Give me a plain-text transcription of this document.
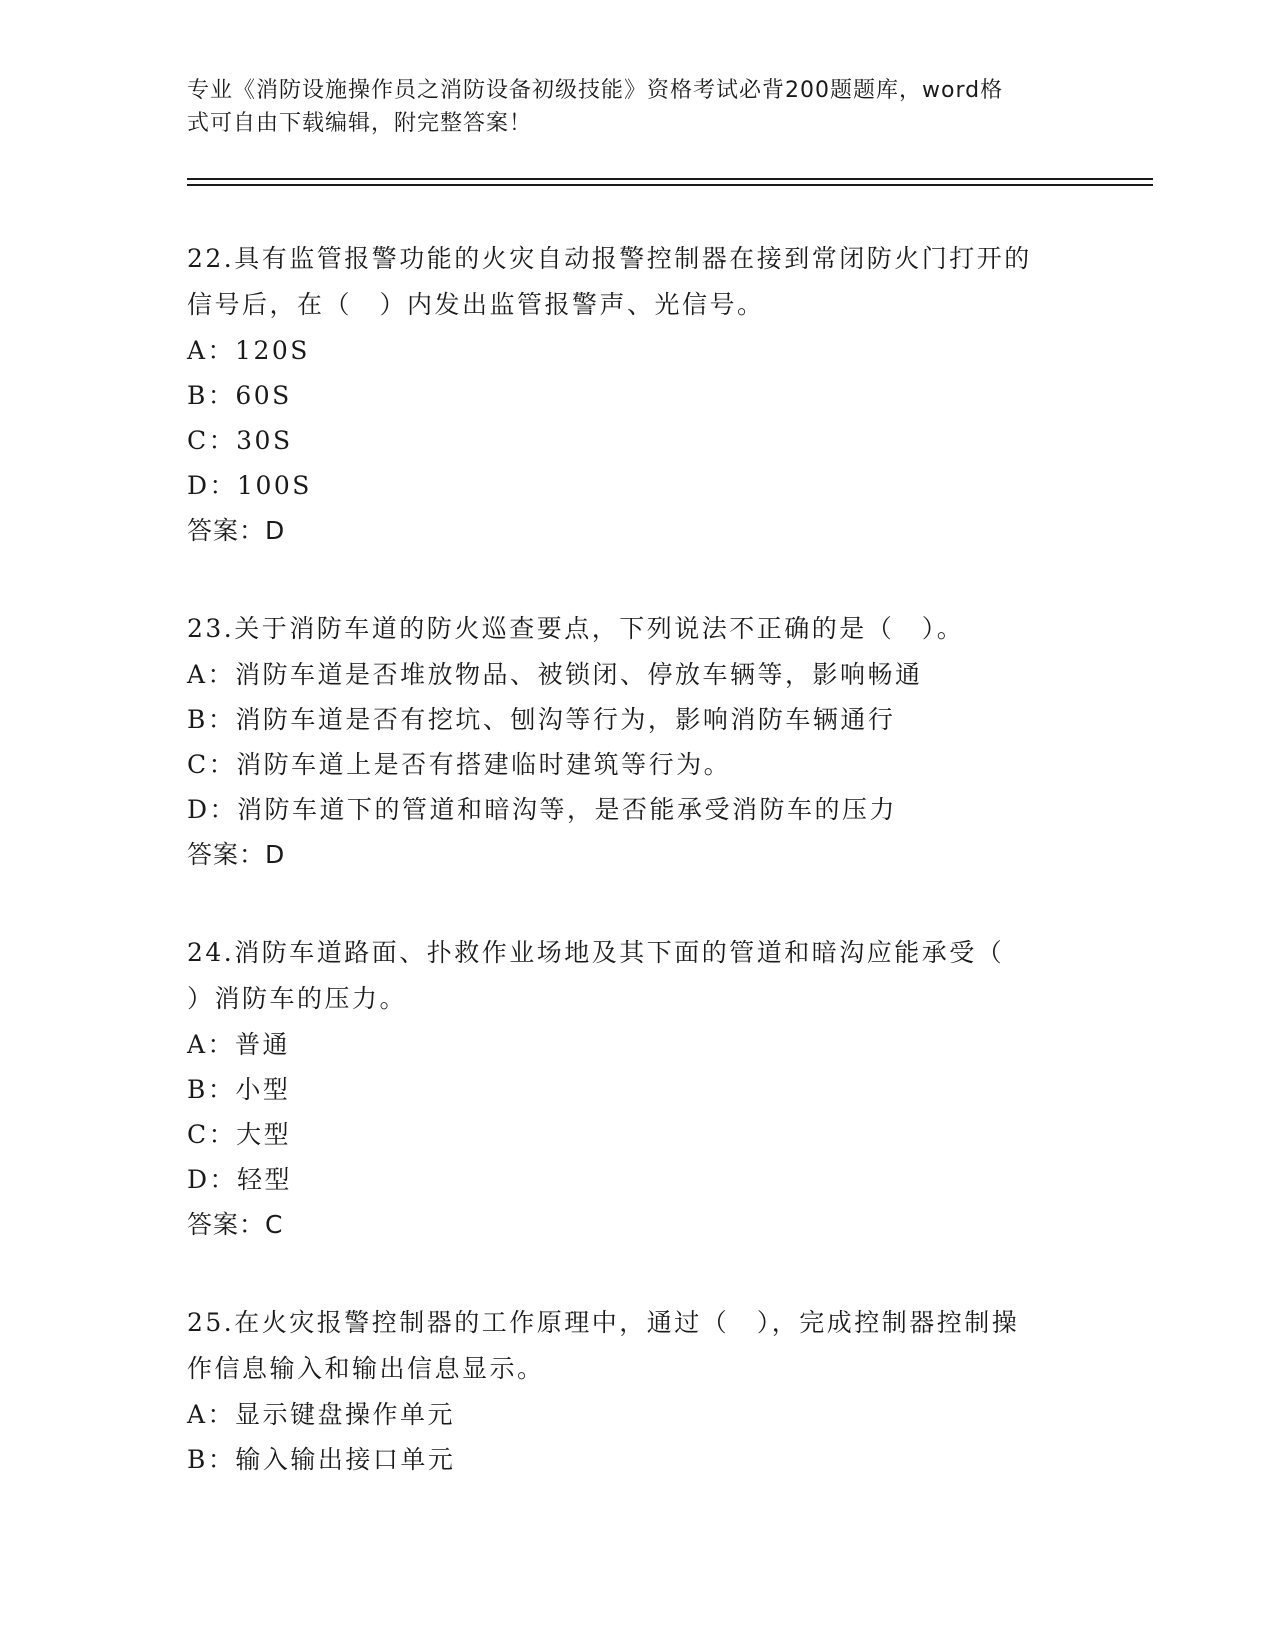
专业《消防设施操作员之消防设备初级技能》资格考试必背200题题库，word格
式可自由下载编辑，附完整答案！

22.具有监管报警功能的火灾自动报警控制器在接到常闭防火门打开的

信号后，在（　）内发出监管报警声、光信号。

A：120S

B：60S

C：30S

D：100S

答案：D

23.关于消防车道的防火巡查要点，下列说法不正确的是（　）。

A：消防车道是否堆放物品、被锁闭、停放车辆等，影响畅通

B：消防车道是否有挖坑、刨沟等行为，影响消防车辆通行

C：消防车道上是否有搭建临时建筑等行为。

D：消防车道下的管道和暗沟等，是否能承受消防车的压力

答案：D

24.消防车道路面、扑救作业场地及其下面的管道和暗沟应能承受（

）消防车的压力。

A：普通

B：小型

C：大型

D：轻型

答案：C

25.在火灾报警控制器的工作原理中，通过（　），完成控制器控制操

作信息输入和输出信息显示。

A：显示键盘操作单元

B：输入输出接口单元
